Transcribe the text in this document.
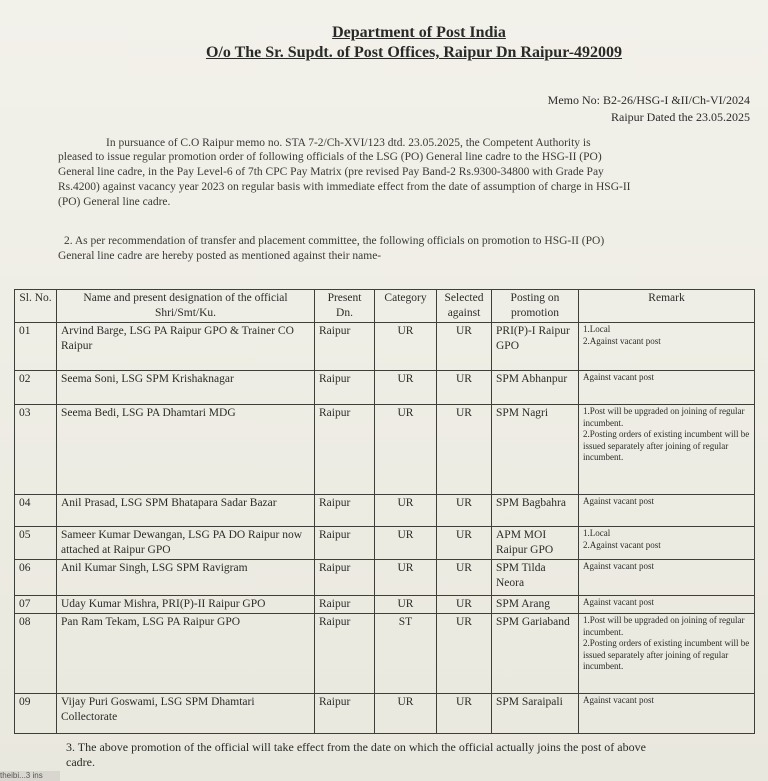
Department of Post India
O/o The Sr. Supdt. of Post Offices, Raipur Dn Raipur-492009
Memo No: B2-26/HSG-I &II/Ch-VI/2024
Raipur Dated the 23.05.2025
In pursuance of C.O Raipur memo no. STA 7-2/Ch-XVI/123 dtd. 23.05.2025, the Competent Authority is
pleased to issue regular promotion order of following officials of the LSG (PO) General line cadre to the HSG-II (PO)
General line cadre, in the Pay Level-6 of 7th CPC Pay Matrix (pre revised Pay Band-2 Rs.9300-34800 with Grade Pay
Rs.4200) against vacancy year 2023 on regular basis with immediate effect from the date of assumption of charge in HSG-II
(PO) General line cadre.
2. As per recommendation of transfer and placement committee, the following officials on promotion to HSG-II (PO)
General line cadre are hereby posted as mentioned against their name-
Sl. No.	Name and present designation of the official Shri/Smt/Ku.	Present Dn.	Category	Selected against	Posting on promotion	Remark
01	Arvind Barge, LSG PA Raipur GPO & Trainer CO Raipur	Raipur	UR	UR	PRI(P)-I Raipur GPO	1.Local
2.Against vacant post

02	Seema Soni, LSG SPM Krishaknagar	Raipur	UR	UR	SPM Abhanpur	Against vacant post

03	Seema Bedi, LSG PA Dhamtari MDG	Raipur	UR	UR	SPM Nagri	1.Post will be upgraded on joining of regular incumbent.
2.Posting orders of existing incumbent will be issued separately after joining of regular incumbent.

04	Anil Prasad, LSG SPM Bhatapara Sadar Bazar	Raipur	UR	UR	SPM Bagbahra	Against vacant post

05	Sameer Kumar Dewangan, LSG PA DO Raipur now attached at Raipur GPO	Raipur	UR	UR	APM MOI Raipur GPO	1.Local
2.Against vacant post

06	Anil Kumar Singh, LSG SPM Ravigram	Raipur	UR	UR	SPM Tilda Neora	Against vacant post

07	Uday Kumar Mishra, PRI(P)-II Raipur GPO	Raipur	UR	UR	SPM Arang	Against vacant post

08	Pan Ram Tekam, LSG PA Raipur GPO	Raipur	ST	UR	SPM Gariaband	1.Post will be upgraded on joining of regular incumbent.
2.Posting orders of existing incumbent will be issued separately after joining of regular incumbent.

09	Vijay Puri Goswami, LSG SPM Dhamtari Collectorate	Raipur	UR	UR	SPM Saraipali	Against vacant post
3. The above promotion of the official will take effect from the date on which the official actually joins the post of above
cadre.
theibi...3 ins
